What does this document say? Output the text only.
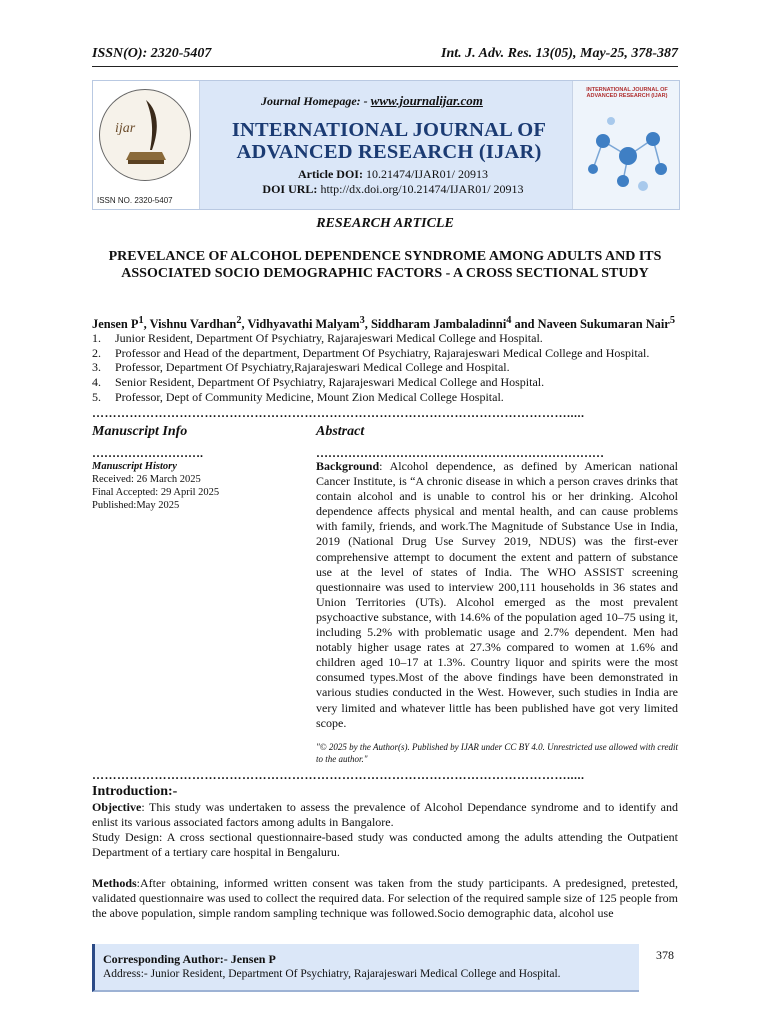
ISSN(O): 2320-5407	Int. J. Adv. Res. 13(05), May-25, 378-387
ijar
ISSN NO. 2320-5407
Journal Homepage: - www.journalijar.com
INTERNATIONAL JOURNAL OF
ADVANCED RESEARCH (IJAR)
Article DOI: 10.21474/IJAR01/ 20913
DOI URL: http://dx.doi.org/10.21474/IJAR01/ 20913
INTERNATIONAL JOURNAL OF ADVANCED RESEARCH (IJAR)
RESEARCH ARTICLE
PREVELANCE OF ALCOHOL DEPENDENCE SYNDROME AMONG ADULTS AND ITS ASSOCIATED SOCIO DEMOGRAPHIC FACTORS - A CROSS SECTIONAL STUDY
Jensen $P^1$, Vishnu Vardhan$^2$, Vidhyavathi Malyam$^3$, Siddharam Jambaladinni$^4$ and Naveen Sukumaran Nair$^5$
1. Junior Resident, Department Of Psychiatry, Rajarajeswari Medical College and Hospital.
2. Professor and Head of the department, Department Of Psychiatry, Rajarajeswari Medical College and Hospital.
3. Professor, Department Of Psychiatry,Rajarajeswari Medical College and Hospital.
4. Senior Resident, Department Of Psychiatry, Rajarajeswari Medical College and Hospital.
5. Professor, Dept of Community Medicine, Mount Zion Medical College Hospital.
…………………………………………………………………………………………………….....
Manuscript Info	Abstract
……………………….	………………………………………………………………
Manuscript History
Received: 26 March 2025
Final Accepted: 29 April 2025
Published:May 2025
Background: Alcohol dependence, as defined by American national Cancer Institute, is “A chronic disease in which a person craves drinks that contain alcohol and is unable to control his or her drinking. Alcohol dependence affects physical and mental health, and can cause problems with family, friends, and work.The Magnitude of Substance Use in India, 2019 (National Drug Use Survey 2019, NDUS) was the first-ever comprehensive attempt to document the extent and pattern of substance use at the level of states of India. The WHO ASSIST screening questionnaire was used to interview 200,111 households in 36 states and Union Territories (UTs). Alcohol emerged as the most prevalent psychoactive substance, with 14.6% of the population aged 10–75 using it, including 5.2% with problematic usage and 2.7% dependent. Men had notably higher usage rates at 27.3% compared to women at 1.6% and children aged 10–17 at 1.3%. Country liquor and spirits were the most consumed types.Most of the above findings have been demonstrated in various studies conducted in the West. However, such studies in India are very limited and whatever little has been published have got very limited scope.
"© 2025 by the Author(s). Published by IJAR under CC BY 4.0. Unrestricted use allowed with credit to the author."
…………………………………………………………………………………………………….....
Introduction:-
Objective: This study was undertaken to assess the prevalence of Alcohol Dependance syndrome and to identify and enlist its various associated factors among adults in Bangalore.
Study Design: A cross sectional questionnaire-based study was conducted among the adults attending the Outpatient Department of a tertiary care hospital in Bengaluru.
Methods:After obtaining, informed written consent was taken from the study participants. A predesigned, pretested, validated questionnaire was used to collect the required data. For selection of the required sample size of 125 people from the above population, simple random sampling technique was followed.Socio demographic data, alcohol use
Corresponding Author:- Jensen P
Address:- Junior Resident, Department Of Psychiatry, Rajarajeswari Medical College and Hospital.
378
